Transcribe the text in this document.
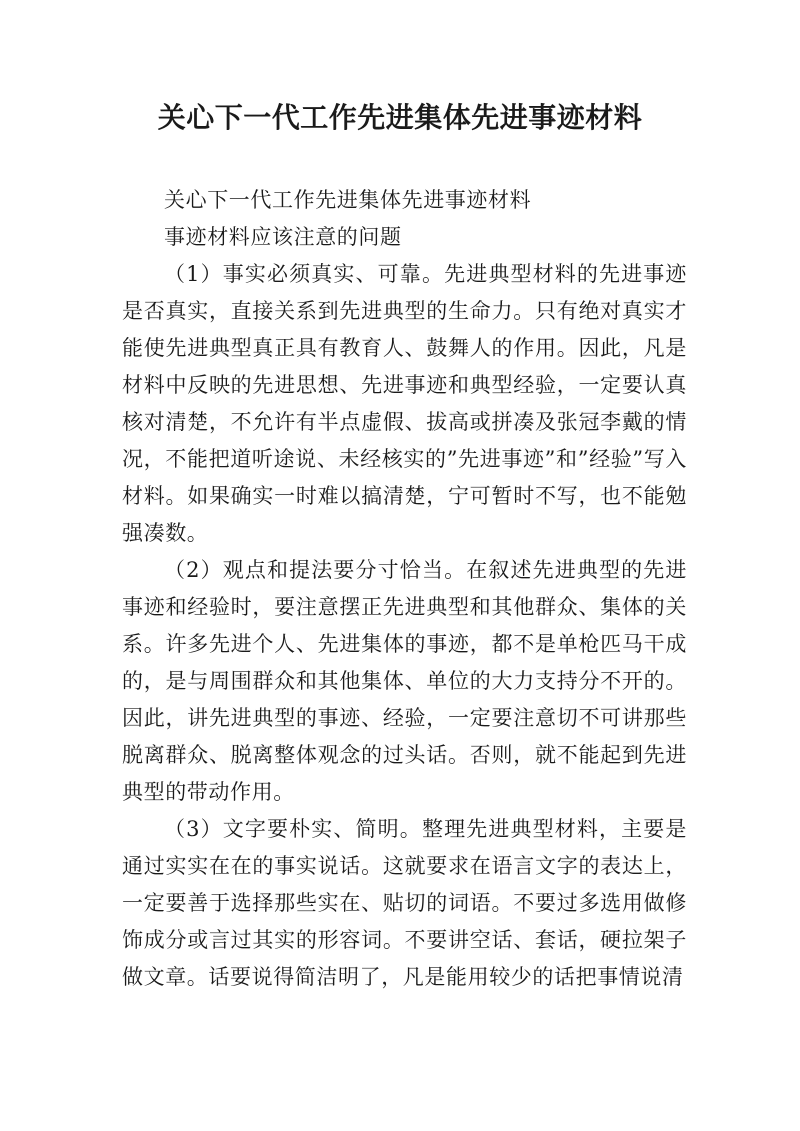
关心下一代工作先进集体先进事迹材料

关心下一代工作先进集体先进事迹材料

事迹材料应该注意的问题

（1）事实必须真实、可靠。先进典型材料的先进事迹是否真实，直接关系到先进典型的生命力。只有绝对真实才能使先进典型真正具有教育人、鼓舞人的作用。因此，凡是材料中反映的先进思想、先进事迹和典型经验，一定要认真核对清楚，不允许有半点虚假、拔高或拼凑及张冠李戴的情况，不能把道听途说、未经核实的”先进事迹”和”经验”写入材料。如果确实一时难以搞清楚，宁可暂时不写，也不能勉强凑数。

（2）观点和提法要分寸恰当。在叙述先进典型的先进事迹和经验时，要注意摆正先进典型和其他群众、集体的关系。许多先进个人、先进集体的事迹，都不是单枪匹马干成的，是与周围群众和其他集体、单位的大力支持分不开的。因此，讲先进典型的事迹、经验，一定要注意切不可讲那些脱离群众、脱离整体观念的过头话。否则，就不能起到先进典型的带动作用。

（3）文字要朴实、简明。整理先进典型材料，主要是通过实实在在的事实说话。这就要求在语言文字的表达上，一定要善于选择那些实在、贴切的词语。不要过多选用做修饰成分或言过其实的形容词。不要讲空话、套话，硬拉架子做文章。话要说得简洁明了，凡是能用较少的话把事情说清
